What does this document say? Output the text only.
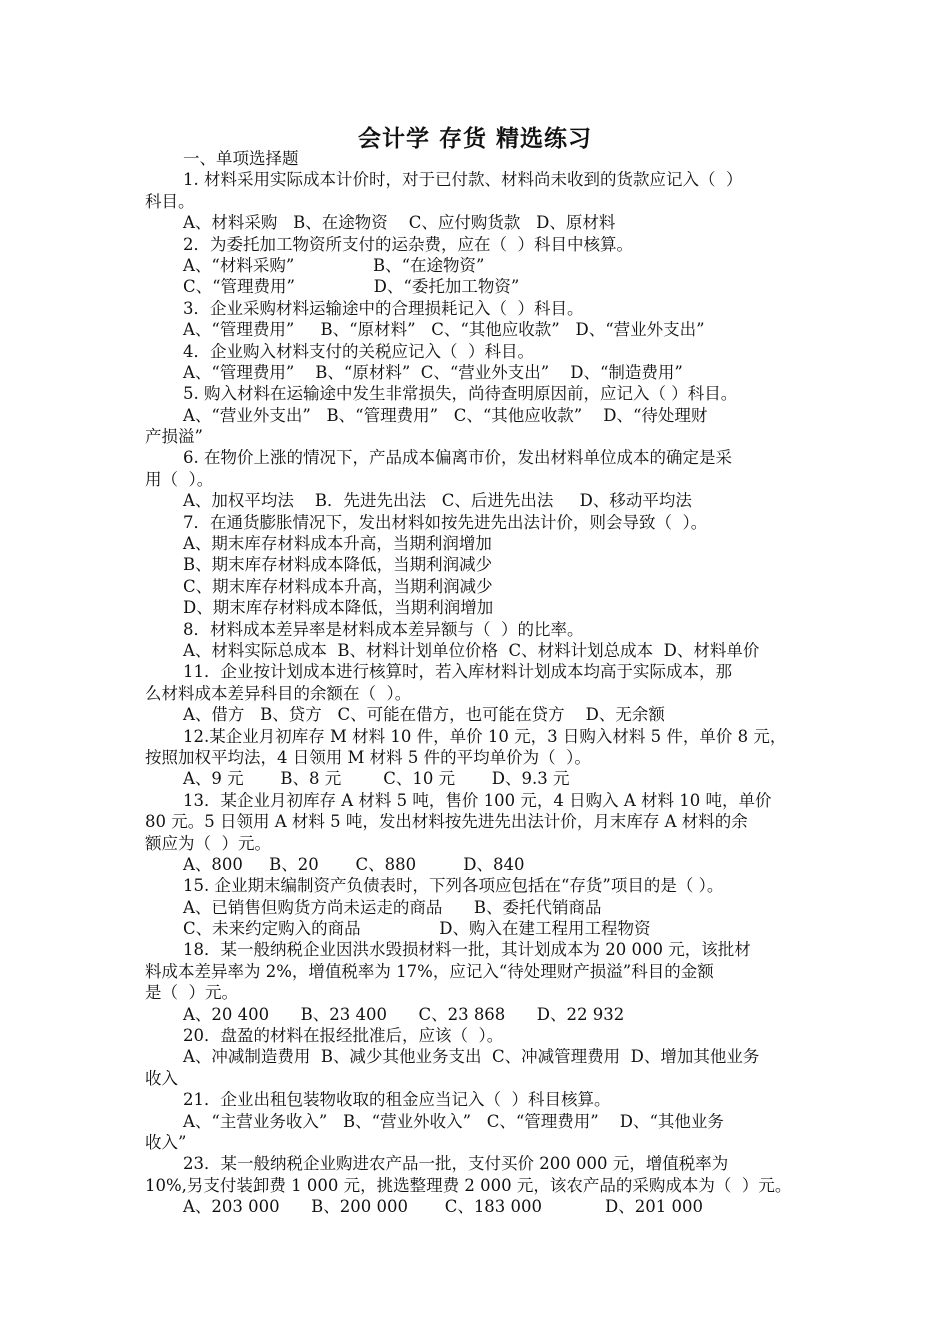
会计学 存货 精选练习
一、单项选择题
1. 材料采用实际成本计价时，对于已付款、材料尚未收到的货款应记入（  ）
科目。
A、材料采购   B、在途物资    C、应付购货款   D、原材料
2．为委托加工物资所支付的运杂费，应在（  ）科目中核算。
A、“材料采购”               B、“在途物资”
C、“管理费用”               D、“委托加工物资”
3．企业采购材料运输途中的合理损耗记入（  ）科目。
A、“管理费用”     B、“原材料”   C、“其他应收款”   D、“营业外支出”
4．企业购入材料支付的关税应记入（  ）科目。
A、“管理费用”    B、“原材料”  C、“营业外支出”    D、“制造费用”
5. 购入材料在运输途中发生非常损失，尚待查明原因前，应记入（ ）科目。
A、“营业外支出”   B、“管理费用”   C、“其他应收款”    D、“待处理财
产损溢”
6. 在物价上涨的情况下，产品成本偏离市价，发出材料单位成本的确定是采
用（  ）。
A、加权平均法    B．先进先出法   C、后进先出法     D、移动平均法
7．在通货膨胀情况下，发出材料如按先进先出法计价，则会导致（  ）。
A、期末库存材料成本升高，当期利润增加
B、期末库存材料成本降低，当期利润减少
C、期末库存材料成本升高，当期利润减少
D、期末库存材料成本降低，当期利润增加
8．材料成本差异率是材料成本差异额与（  ）的比率。
A、材料实际总成本  B、材料计划单位价格  C、材料计划总成本  D、材料单价
11．企业按计划成本进行核算时，若入库材料计划成本均高于实际成本，那
么材料成本差异科目的余额在（  ）。
A、借方   B、贷方   C、可能在借方，也可能在贷方    D、无余额
12.某企业月初库存 M 材料 10 件，单价 10 元，3 日购入材料 5 件，单价 8 元，
按照加权平均法，4 日领用 M 材料 5 件的平均单价为（  ）。
A、9 元       B、8 元        C、10 元       D、9.3 元
13．某企业月初库存 A 材料 5 吨，售价 100 元，4 日购入 A 材料 10 吨，单价
80 元。5 日领用 A 材料 5 吨，发出材料按先进先出法计价，月末库存 A 材料的余
额应为（  ）元。
A、800     B、20       C、880         D、840
15. 企业期末编制资产负债表时，下列各项应包括在“存货”项目的是（ ）。
A、已销售但购货方尚未运走的商品      B、委托代销商品
C、未来约定购入的商品               D、购入在建工程用工程物资
18．某一般纳税企业因洪水毁损材料一批，其计划成本为 20 000 元，该批材
料成本差异率为 2%，增值税率为 17%，应记入“待处理财产损溢”科目的金额
是（  ）元。
A、20 400      B、23 400      C、23 868      D、22 932
20．盘盈的材料在报经批准后，应该（  ）。
A、冲减制造费用  B、减少其他业务支出  C、冲减管理费用  D、增加其他业务
收入
21．企业出租包装物收取的租金应当记入（  ）科目核算。
A、“主营业务收入”   B、“营业外收入”   C、“管理费用”    D、“其他业务
收入”
23．某一般纳税企业购进农产品一批，支付买价 200 000 元，增值税率为
10%,另支付装卸费 1 000 元，挑选整理费 2 000 元，该农产品的采购成本为（  ）元。
A、203 000      B、200 000       C、183 000            D、201 000
